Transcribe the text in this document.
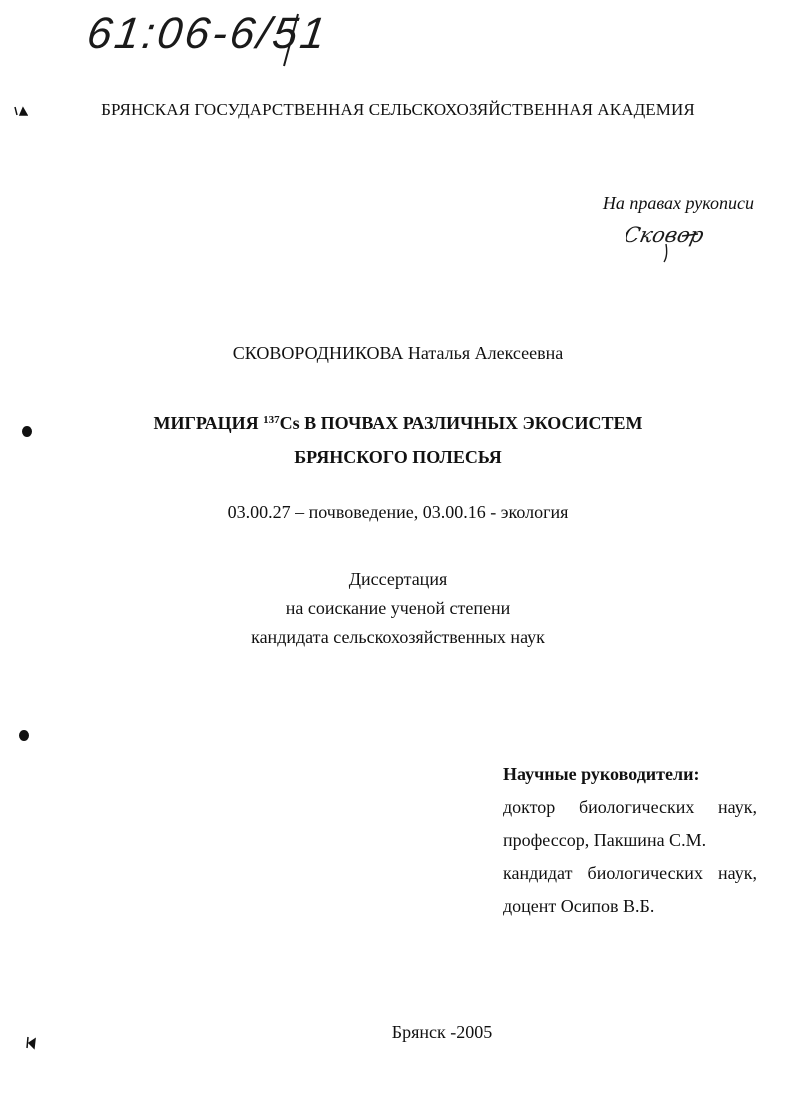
61:06-6/51
БРЯНСКАЯ ГОСУДАРСТВЕННАЯ СЕЛЬСКОХОЗЯЙСТВЕННАЯ АКАДЕМИЯ
На правах рукописи
Сковор
СКОВОРОДНИКОВА Наталья Алексеевна
МИГРАЦИЯ $^{137}$Cs В ПОЧВАХ РАЗЛИЧНЫХ ЭКОСИСТЕМ
БРЯНСКОГО ПОЛЕСЬЯ
03.00.27 – почвоведение, 03.00.16 - экология
Диссертация
на соискание ученой степени
кандидата сельскохозяйственных наук
Научные руководители:
доктор биологических наук,
профессор, Пакшина С.М.
кандидат биологических наук,
доцент Осипов В.Б.
Брянск -2005
